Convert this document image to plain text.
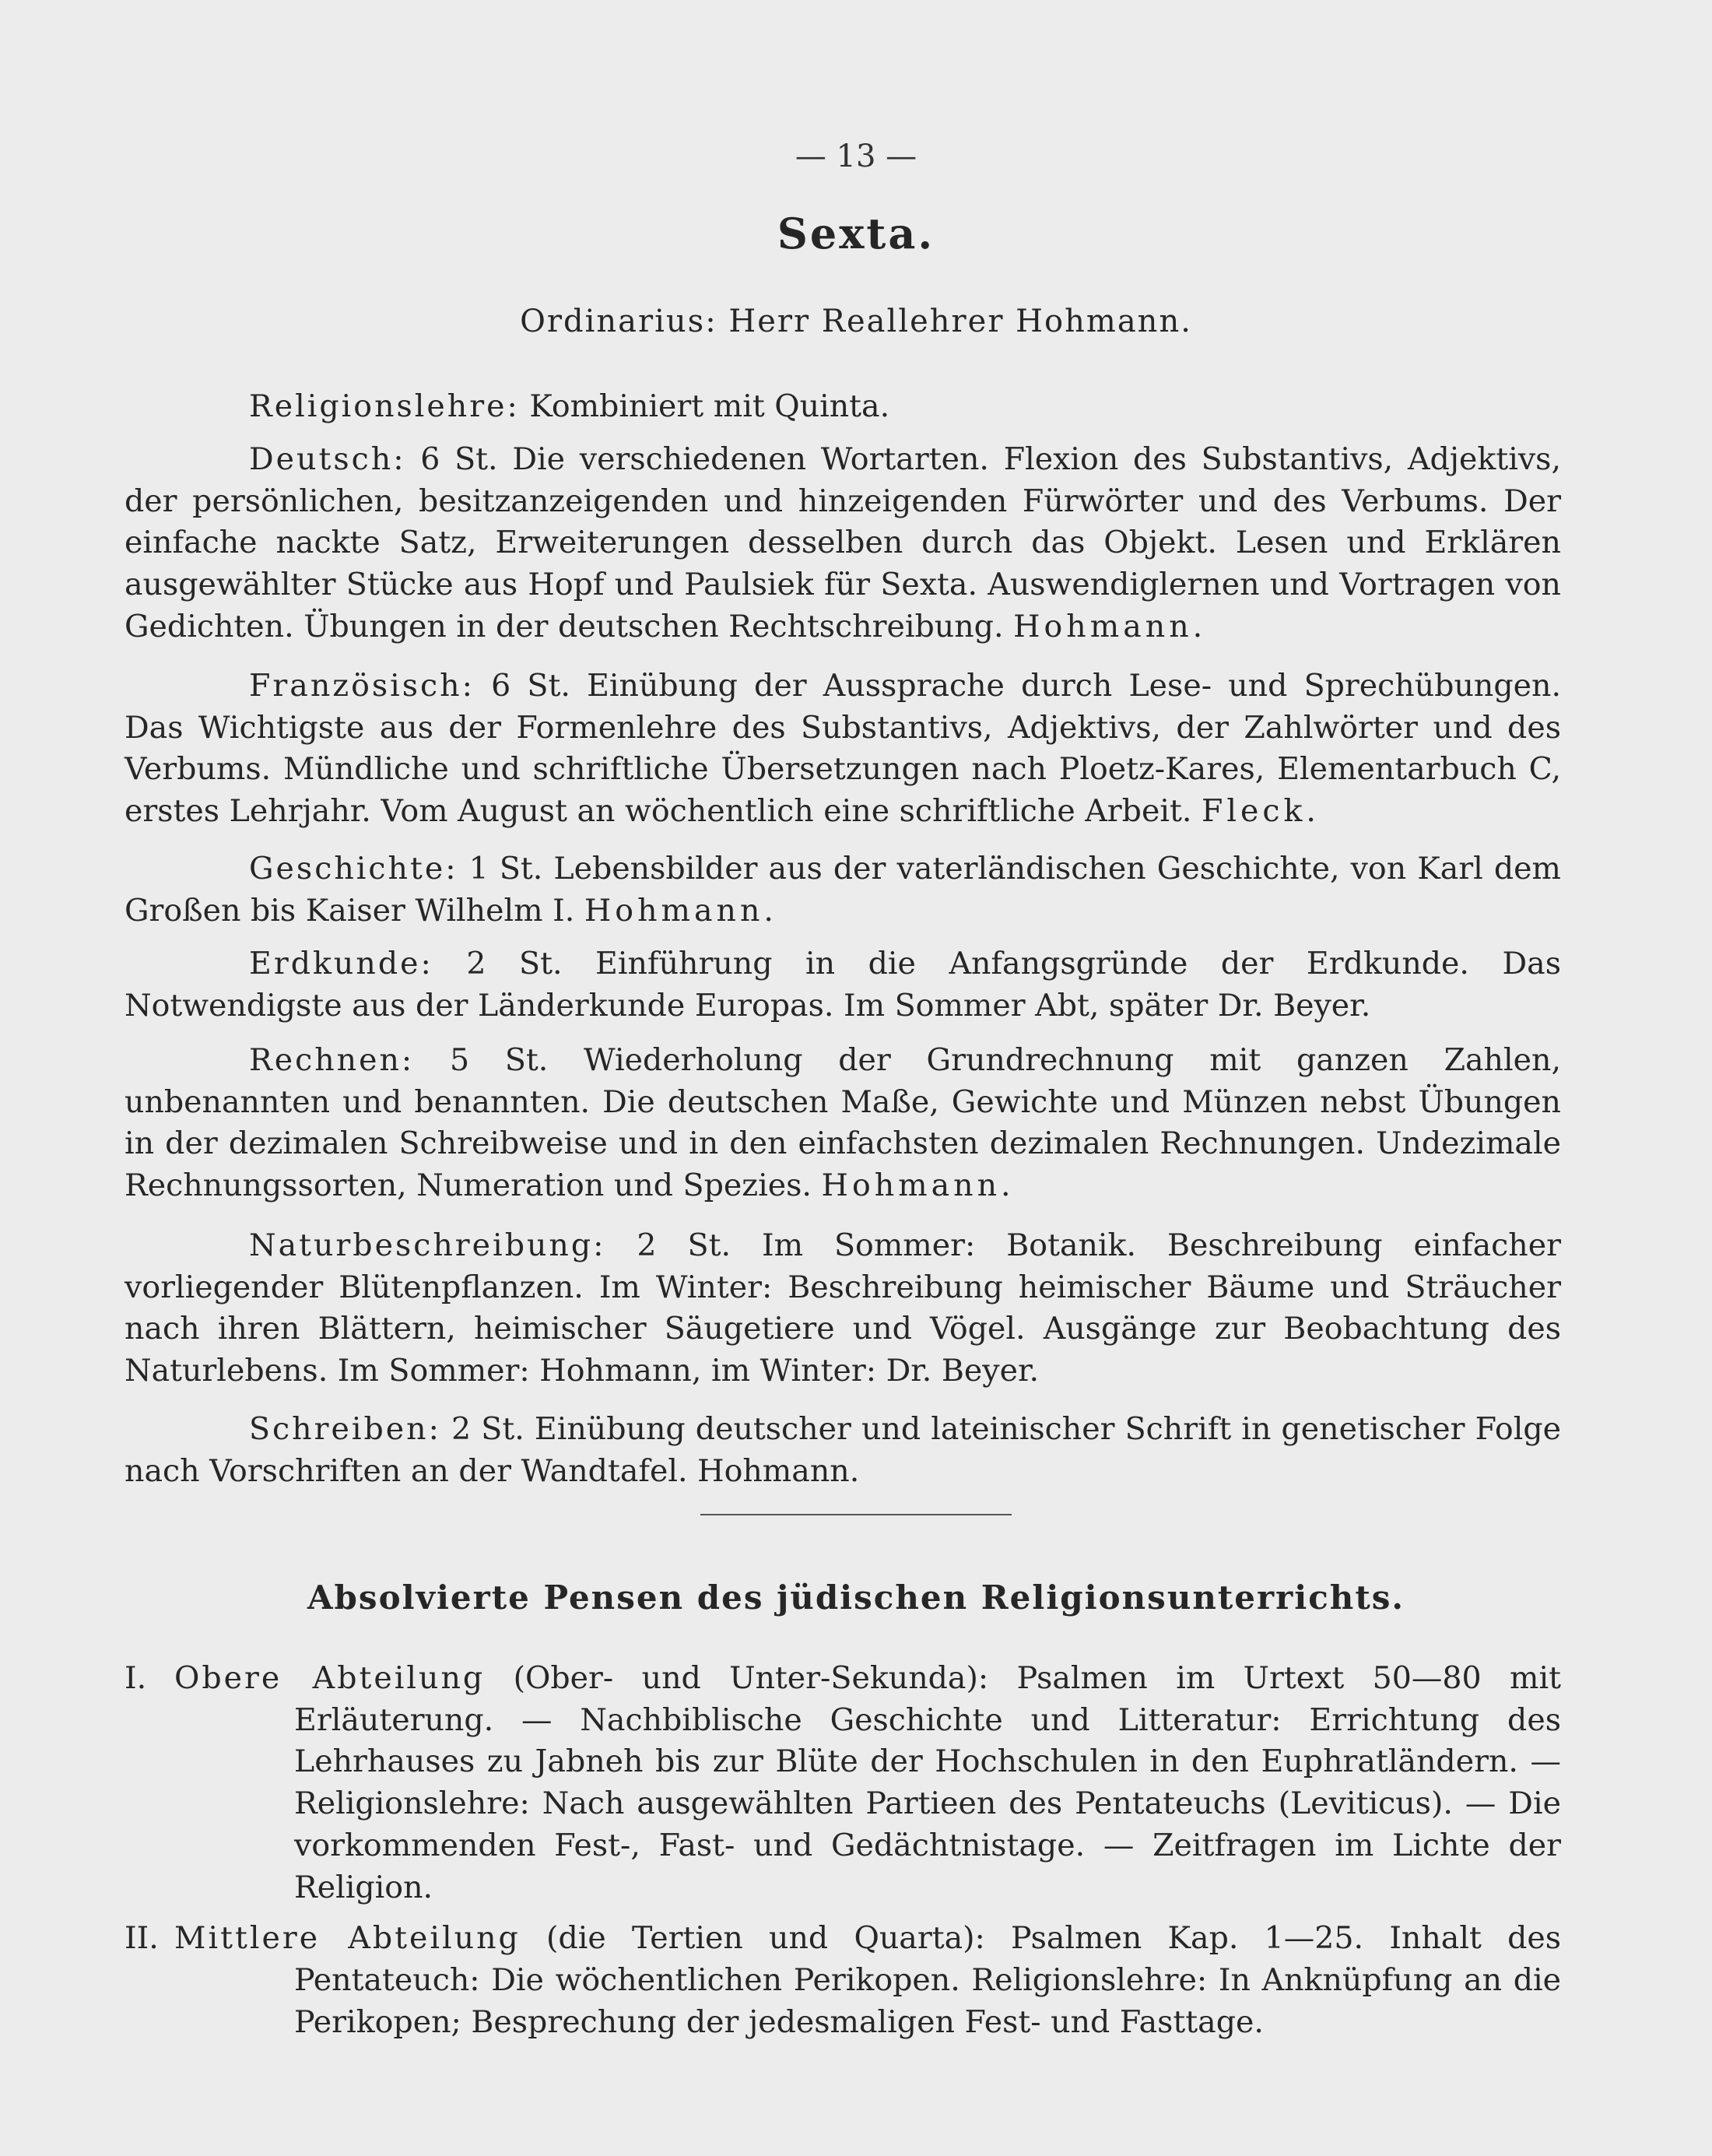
— 13 —
Sexta.
Ordinarius: Herr Reallehrer Hohmann.

Religionslehre: Kombiniert mit Quinta.

Deutsch: 6 St. Die verschiedenen Wortarten. Flexion des Substantivs, Adjektivs, der persönlichen, besitzanzeigenden und hinzeigenden Fürwörter und des Verbums. Der einfache nackte Satz, Erweiterungen desselben durch das Objekt. Lesen und Erklären ausgewählter Stücke aus Hopf und Paulsiek für Sexta. Auswendiglernen und Vortragen von Gedichten. Übungen in der deutschen Rechtschreibung. Hohmann.

Französisch: 6 St. Einübung der Aussprache durch Lese- und Sprechübungen. Das Wichtigste aus der Formenlehre des Substantivs, Adjektivs, der Zahlwörter und des Verbums. Mündliche und schriftliche Übersetzungen nach Ploetz-Kares, Elementarbuch C, erstes Lehrjahr. Vom August an wöchentlich eine schriftliche Arbeit. Fleck.

Geschichte: 1 St. Lebensbilder aus der vaterländischen Geschichte, von Karl dem Großen bis Kaiser Wilhelm I. Hohmann.

Erdkunde: 2 St. Einführung in die Anfangsgründe der Erdkunde. Das Notwendigste aus der Länderkunde Europas. Im Sommer Abt, später Dr. Beyer.

Rechnen: 5 St. Wiederholung der Grundrechnung mit ganzen Zahlen, unbenannten und benannten. Die deutschen Maße, Gewichte und Münzen nebst Übungen in der dezimalen Schreibweise und in den einfachsten dezimalen Rechnungen. Undezimale Rechnungssorten, Numeration und Spezies. Hohmann.

Naturbeschreibung: 2 St. Im Sommer: Botanik. Beschreibung einfacher vorliegender Blütenpflanzen. Im Winter: Beschreibung heimischer Bäume und Sträucher nach ihren Blättern, heimischer Säugetiere und Vögel. Ausgänge zur Beobachtung des Naturlebens. Im Sommer: Hohmann, im Winter: Dr. Beyer.

Schreiben: 2 St. Einübung deutscher und lateinischer Schrift in genetischer Folge nach Vorschriften an der Wandtafel. Hohmann.

Absolvierte Pensen des jüdischen Religionsunterrichts.

I. Obere Abteilung (Ober- und Unter-Sekunda): Psalmen im Urtext 50—80 mit Erläuterung. — Nachbiblische Geschichte und Litteratur: Errichtung des Lehrhauses zu Jabneh bis zur Blüte der Hochschulen in den Euphratländern. — Religionslehre: Nach ausgewählten Partieen des Pentateuchs (Leviticus). — Die vorkommenden Fest-, Fast- und Gedächtnistage. — Zeitfragen im Lichte der Religion.

II. Mittlere Abteilung (die Tertien und Quarta): Psalmen Kap. 1—25. Inhalt des Pentateuch: Die wöchentlichen Perikopen. Religionslehre: In Anknüpfung an die Perikopen; Besprechung der jedesmaligen Fest- und Fasttage.
